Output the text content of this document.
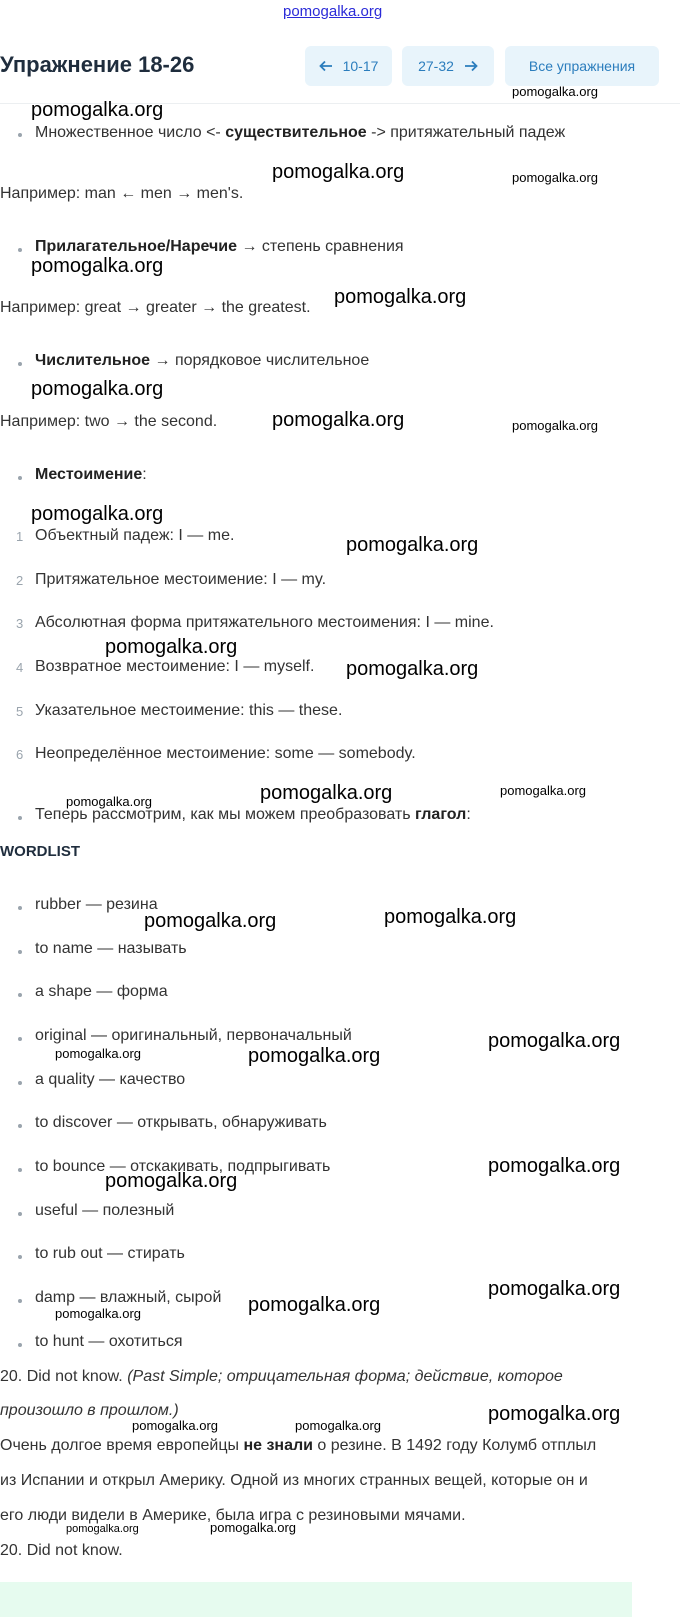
pomogalka.org
Упражнение 18-26	10-17	27-32	Все упражнения
Множественное число <- существительное -> притяжательный падеж
Например: man ← men → men's.
Прилагательное/Наречие → степень сравнения
Например: great → greater → the greatest.
Числительное → порядковое числительное
Например: two → the second.
Местоимение:
1 Объектный падеж: I — me.
2 Притяжательное местоимение: I — my.
3 Абсолютная форма притяжательного местоимения: I — mine.
4 Возвратное местоимение: I — myself.
5 Указательное местоимение: this — these.
6 Неопределённое местоимение: some — somebody.
Теперь рассмотрим, как мы можем преобразовать глагол:
WORDLIST
rubber — резина
to name — называть
a shape — форма
original — оригинальный, первоначальный
a quality — качество
to discover — открывать, обнаруживать
to bounce — отскакивать, подпрыгивать
useful — полезный
to rub out — стирать
damp — влажный, сырой
to hunt — охотиться
20. Did not know. (Past Simple; отрицательная форма; действие, которое
произошло в прошлом.)
Очень долгое время европейцы не знали о резине. В 1492 году Колумб отплыл
из Испании и открыл Америку. Одной из многих странных вещей, которые он и
его люди видели в Америке, была игра с резиновыми мячами.
20. Did not know.
pomogalka.org
pomogalka.org
pomogalka.org	pomogalka.org
pomogalka.org
pomogalka.org
pomogalka.org
pomogalka.org	pomogalka.org
pomogalka.org
pomogalka.org
pomogalka.org
pomogalka.org
pomogalka.org	pomogalka.org
pomogalka.org
pomogalka.org
pomogalka.org
pomogalka.org
pomogalka.org	pomogalka.org
pomogalka.org
pomogalka.org
pomogalka.org
pomogalka.org
pomogalka.org
pomogalka.org
pomogalka.org	pomogalka.org
pomogalka.org	pomogalka.org
